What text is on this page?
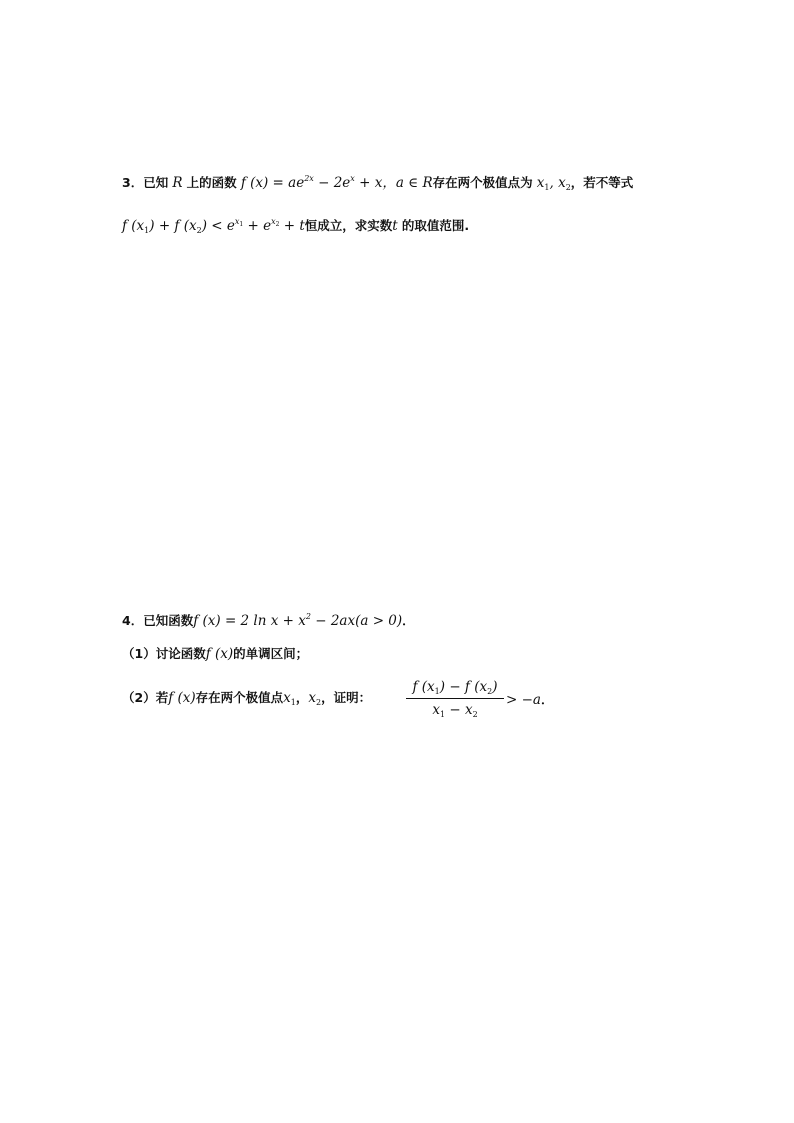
3．已知 R 上的函数 f $(x) = ae^{2x} - 2e^x + x$，a ∈ R存在两个极值点为 $x_1$, $x_2$，若不等式
f $(x_1) + f$ $(x_2) < e^{x_1} + e^{x_2} + t$恒成立，求实数t 的取值范围.
4．已知函数f (x) = 2 $\ln x + x^2 - 2ax(a > 0)$．
（1）讨论函数f (x)的单调区间；
（2）若f (x)存在两个极值点$x_1$，$x_2$，证明：
f $(x_1) - f$ $(x_2)$
$x_1 - x_2$
> −a．
